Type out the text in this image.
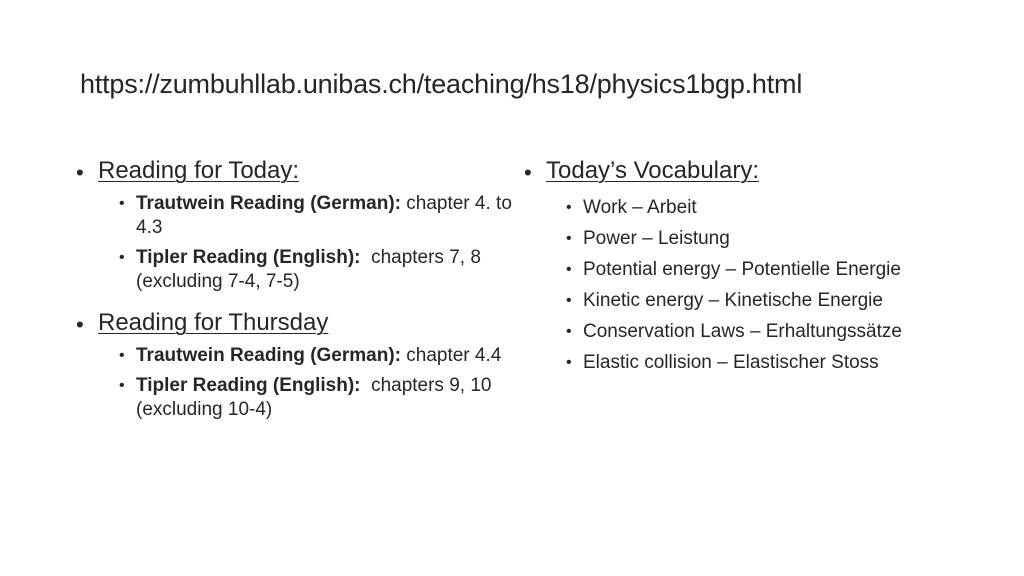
https://zumbuhllab.unibas.ch/teaching/hs18/physics1bgp.html
• Reading for Today:
• Trautwein Reading (German): chapter 4. to 4.3
• Tipler Reading (English): chapters 7, 8 (excluding 7-4, 7-5)
• Reading for Thursday
• Trautwein Reading (German): chapter 4.4
• Tipler Reading (English): chapters 9, 10 (excluding 10-4)
• Today’s Vocabulary:
• Work – Arbeit
• Power – Leistung
• Potential energy – Potentielle Energie
• Kinetic energy – Kinetische Energie
• Conservation Laws – Erhaltungssätze
• Elastic collision – Elastischer Stoss
